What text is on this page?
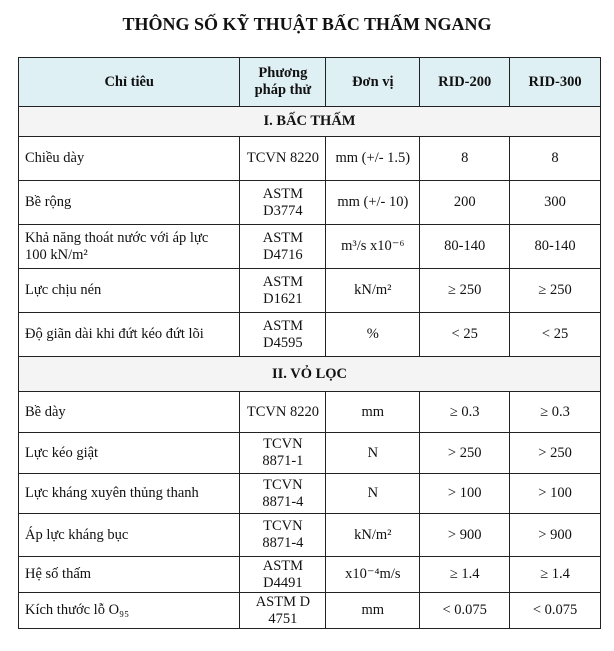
THÔNG SỐ KỸ THUẬT BẤC THẤM NGANG
Chỉ tiêu	Phương pháp thử	Đơn vị	RID-200	RID-300
I. BẤC THẤM				
Chiều dày	TCVN 8220	mm (+/- 1.5)	8	8
Bề rộng	ASTM D3774	mm (+/- 10)	200	300
Khả năng thoát nước với áp lực 100 kN/m²	ASTM D4716	m³/s x10⁻⁶	80-140	80-140
Lực chịu nén	ASTM D1621	kN/m²	≥ 250	≥ 250
Độ giãn dài khi đứt kéo đứt lõi	ASTM D4595	%	< 25	< 25
II. VỎ LỌC				
Bề dày	TCVN 8220	mm	≥ 0.3	≥ 0.3
Lực kéo giật	TCVN 8871-1	N	> 250	> 250
Lực kháng xuyên thủng thanh	TCVN 8871-4	N	> 100	> 100
Áp lực kháng bục	TCVN 8871-4	kN/m²	> 900	> 900
Hệ số thấm	ASTM D4491	x10⁻⁴m/s	≥ 1.4	≥ 1.4
Kích thước lỗ O₉₅	ASTM D 4751	mm	< 0.075	< 0.075
